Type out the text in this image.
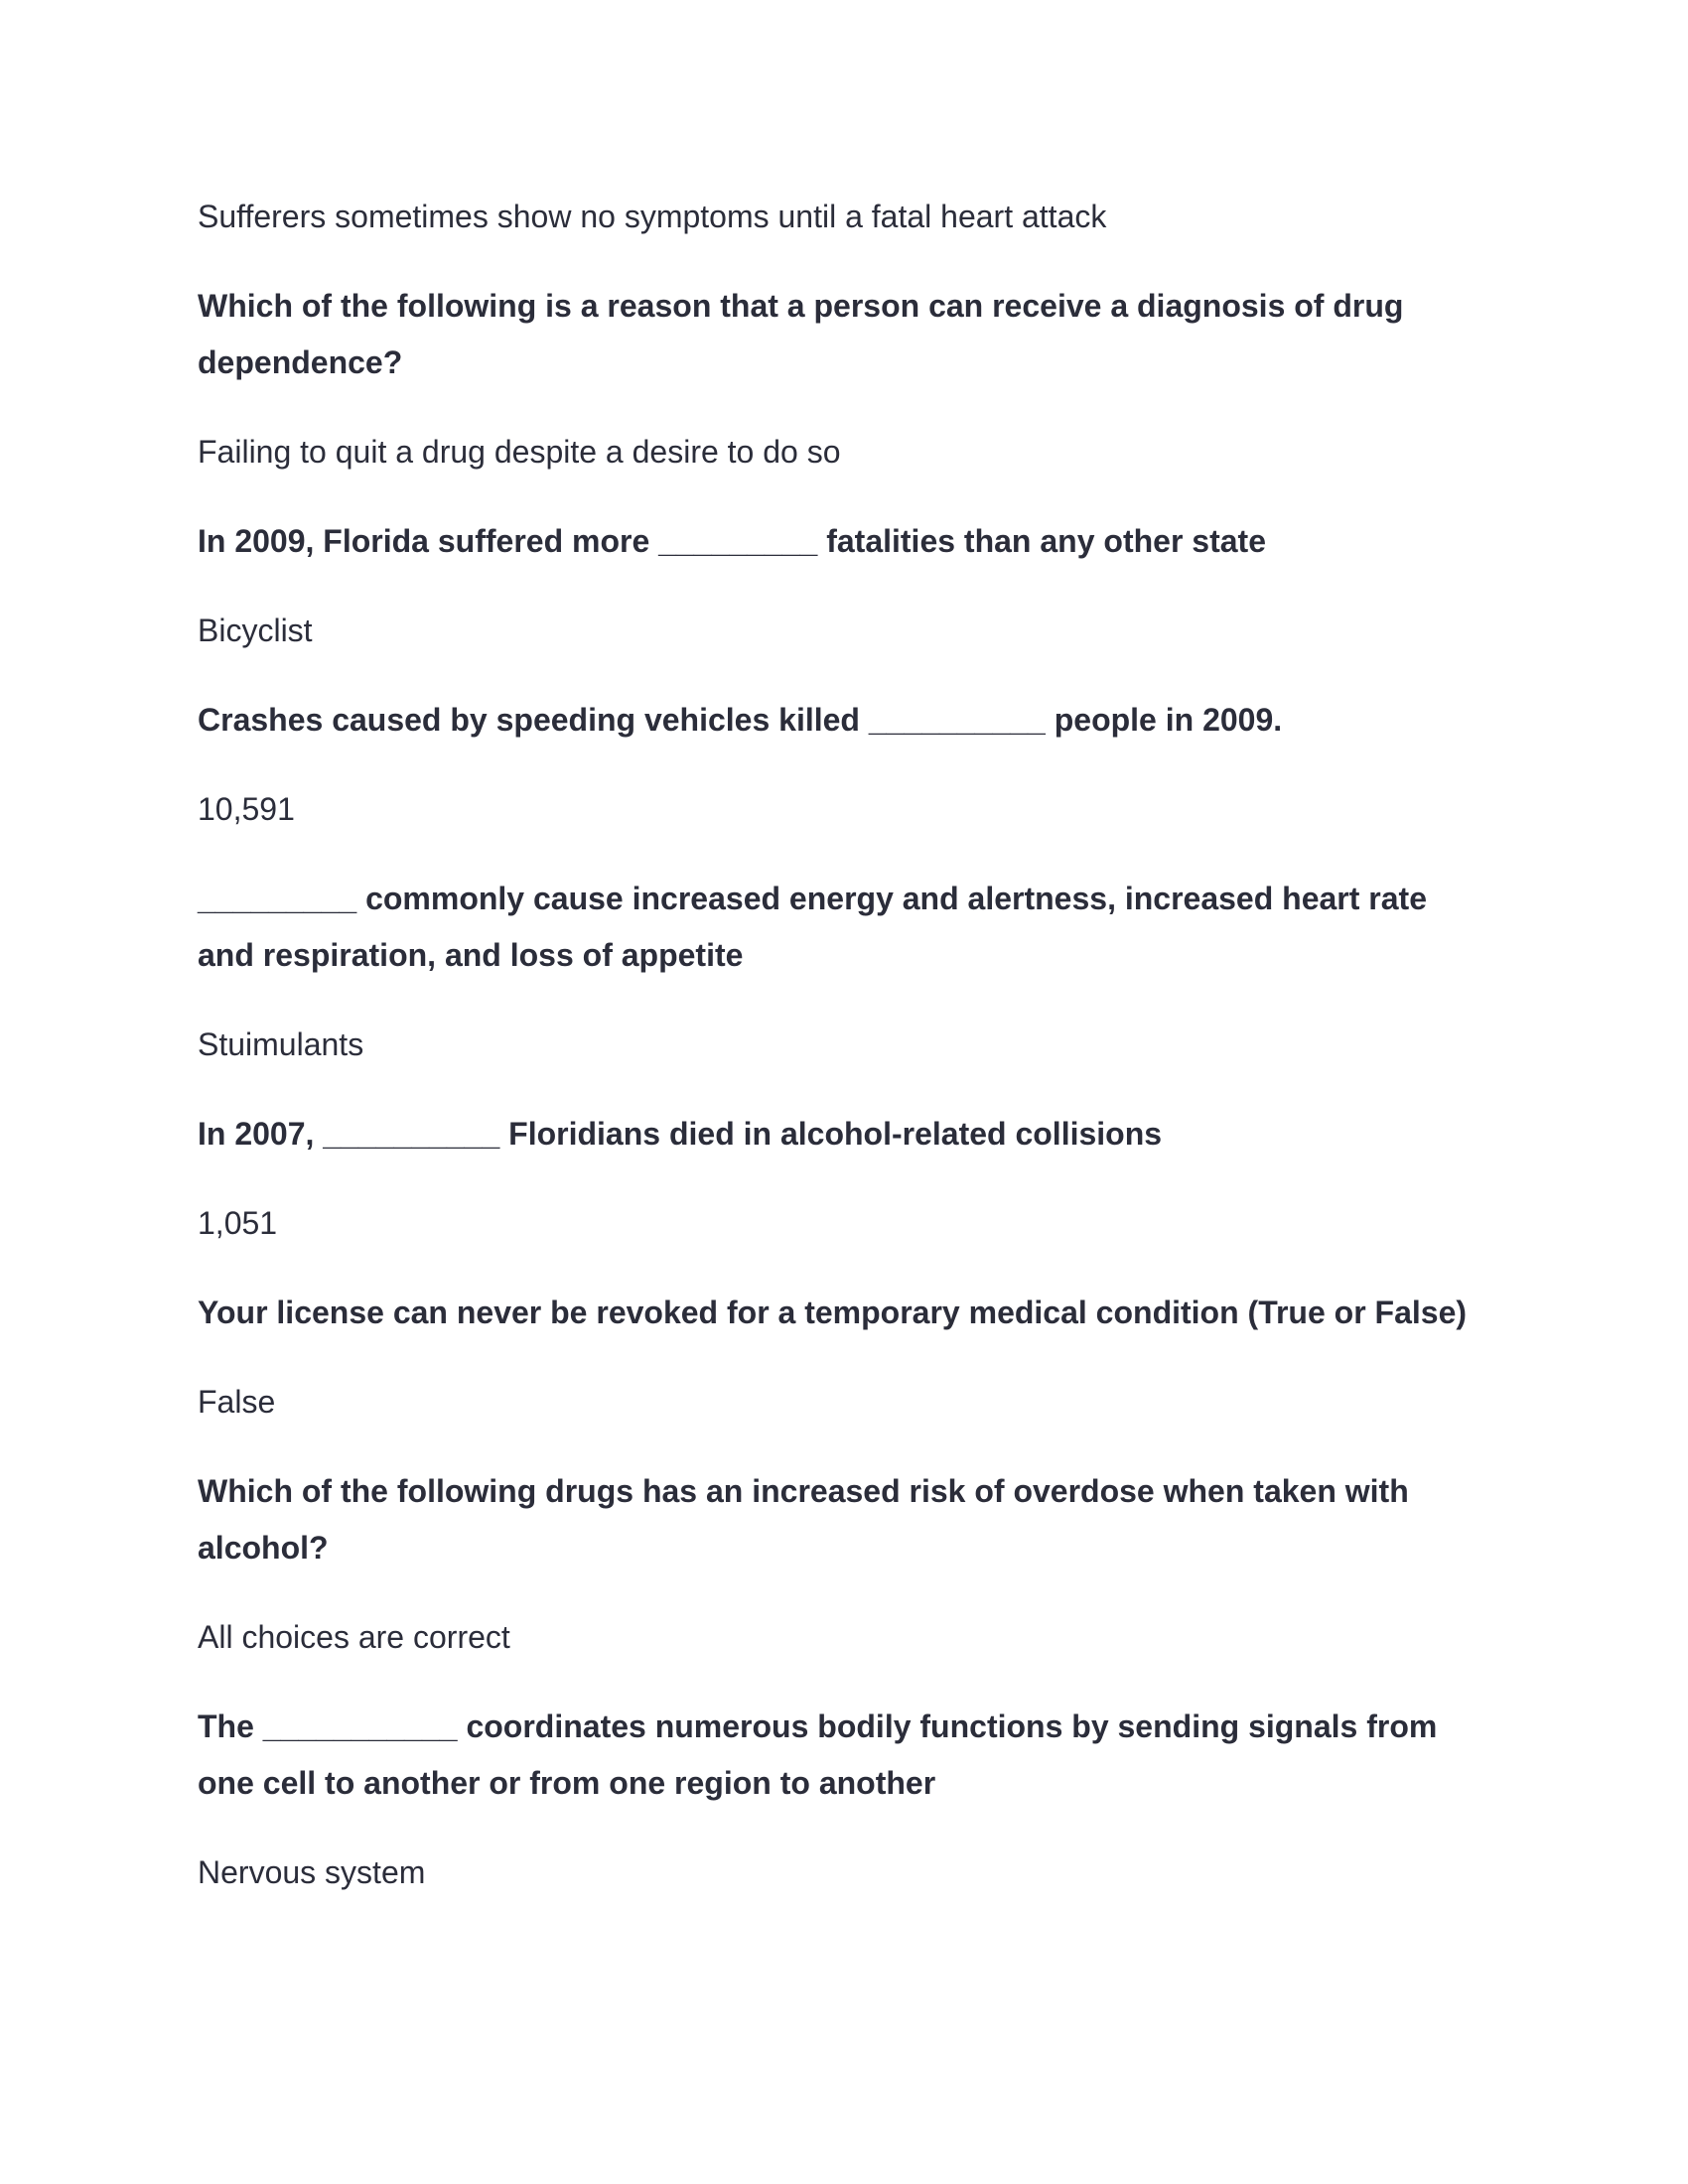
Sufferers sometimes show no symptoms until a fatal heart attack

Which of the following is a reason that a person can receive a diagnosis of drug dependence?

Failing to quit a drug despite a desire to do so

In 2009, Florida suffered more _________ fatalities than any other state

Bicyclist

Crashes caused by speeding vehicles killed __________ people in 2009.

10,591

_________ commonly cause increased energy and alertness, increased heart rate and respiration, and loss of appetite

Stuimulants

In 2007, __________ Floridians died in alcohol-related collisions

1,051

Your license can never be revoked for a temporary medical condition (True or False)

False

Which of the following drugs has an increased risk of overdose when taken with alcohol?

All choices are correct

The ___________ coordinates numerous bodily functions by sending signals from one cell to another or from one region to another

Nervous system
